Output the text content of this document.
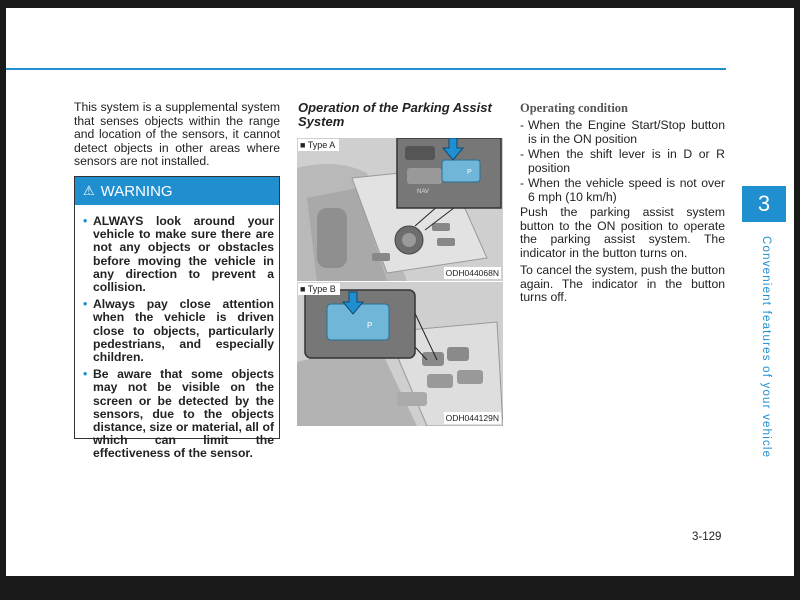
This system is a supplemental system that senses objects within the range and location of the sensors, it cannot detect objects in other areas where sensors are not installed.
⚠ WARNING
• ALWAYS look around your vehicle to make sure there are not any objects or obstacles before moving the vehicle in any direction to prevent a collision.
• Always pay close attention when the vehicle is driven close to objects, particularly pedestrians, and especially children.
• Be aware that some objects may not be visible on the screen or be detected by the sensors, due to the objects distance, size or material, all of which can limit the effectiveness of the sensor.
Operation of the Parking Assist System
P
NAV
■ Type A
ODH044068N
P
■ Type B
ODH044129N
Operating condition
- When the Engine Start/Stop button is in the ON position
- When the shift lever is in D or R position
- When the vehicle speed is not over 6 mph (10 km/h)

Push the parking assist system button to the ON position to operate the parking assist system. The indicator in the button turns on.

To cancel the system, push the button again. The indicator in the button turns off.

3
Convenient features of your vehicle
3-129
